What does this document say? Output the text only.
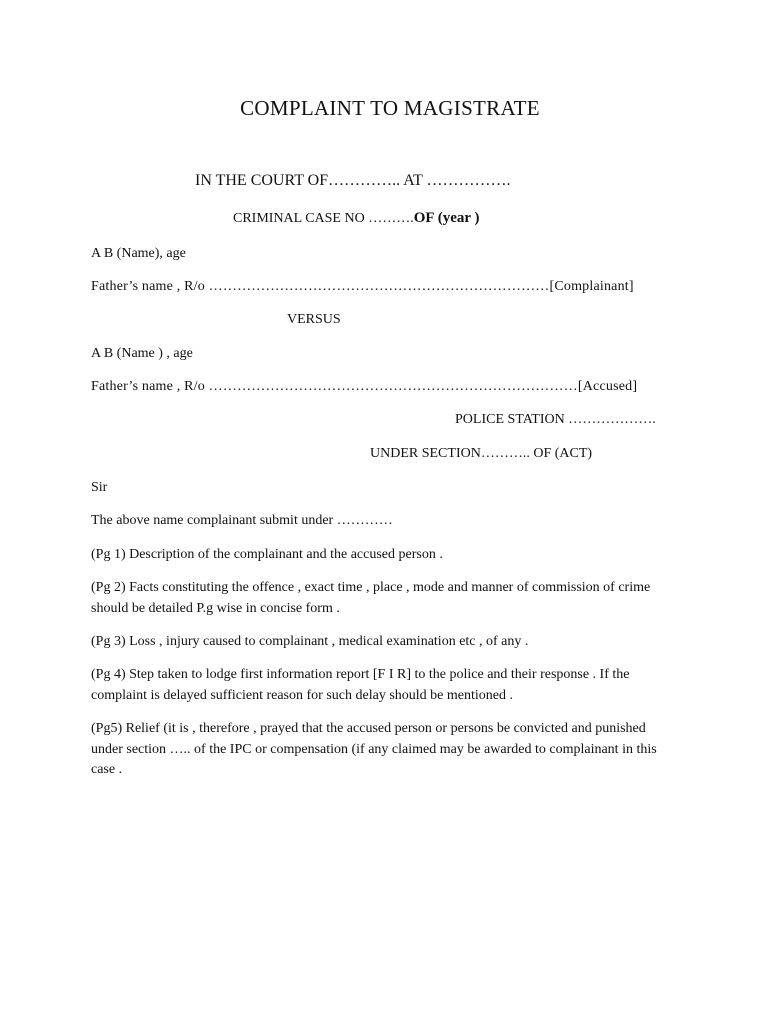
COMPLAINT TO MAGISTRATE
IN THE COURT OF………….. AT …………….
CRIMINAL CASE NO ……….OF (year )
A B (Name), age
Father’s name , R/o ………………………………………………………………[Complainant]
VERSUS
A B (Name ) , age
Father’s name , R/o ……………………………………………………………………[Accused]
POLICE STATION ……………….
UNDER SECTION……….. OF (ACT)
Sir
The above name complainant submit under …………
(Pg 1) Description of the complainant and the accused person .
(Pg 2) Facts constituting the offence , exact time , place , mode and manner of commission of crime should be detailed P.g wise in concise form .
(Pg 3) Loss , injury caused to complainant , medical examination etc , of any .
(Pg 4) Step taken to lodge first information report [F I R] to the police and their response . If the complaint is delayed sufficient reason for such delay should be mentioned .
(Pg5) Relief (it is , therefore , prayed that the accused person or persons be convicted and punished under section ….. of the IPC or compensation (if any claimed may be awarded to complainant in this case .
